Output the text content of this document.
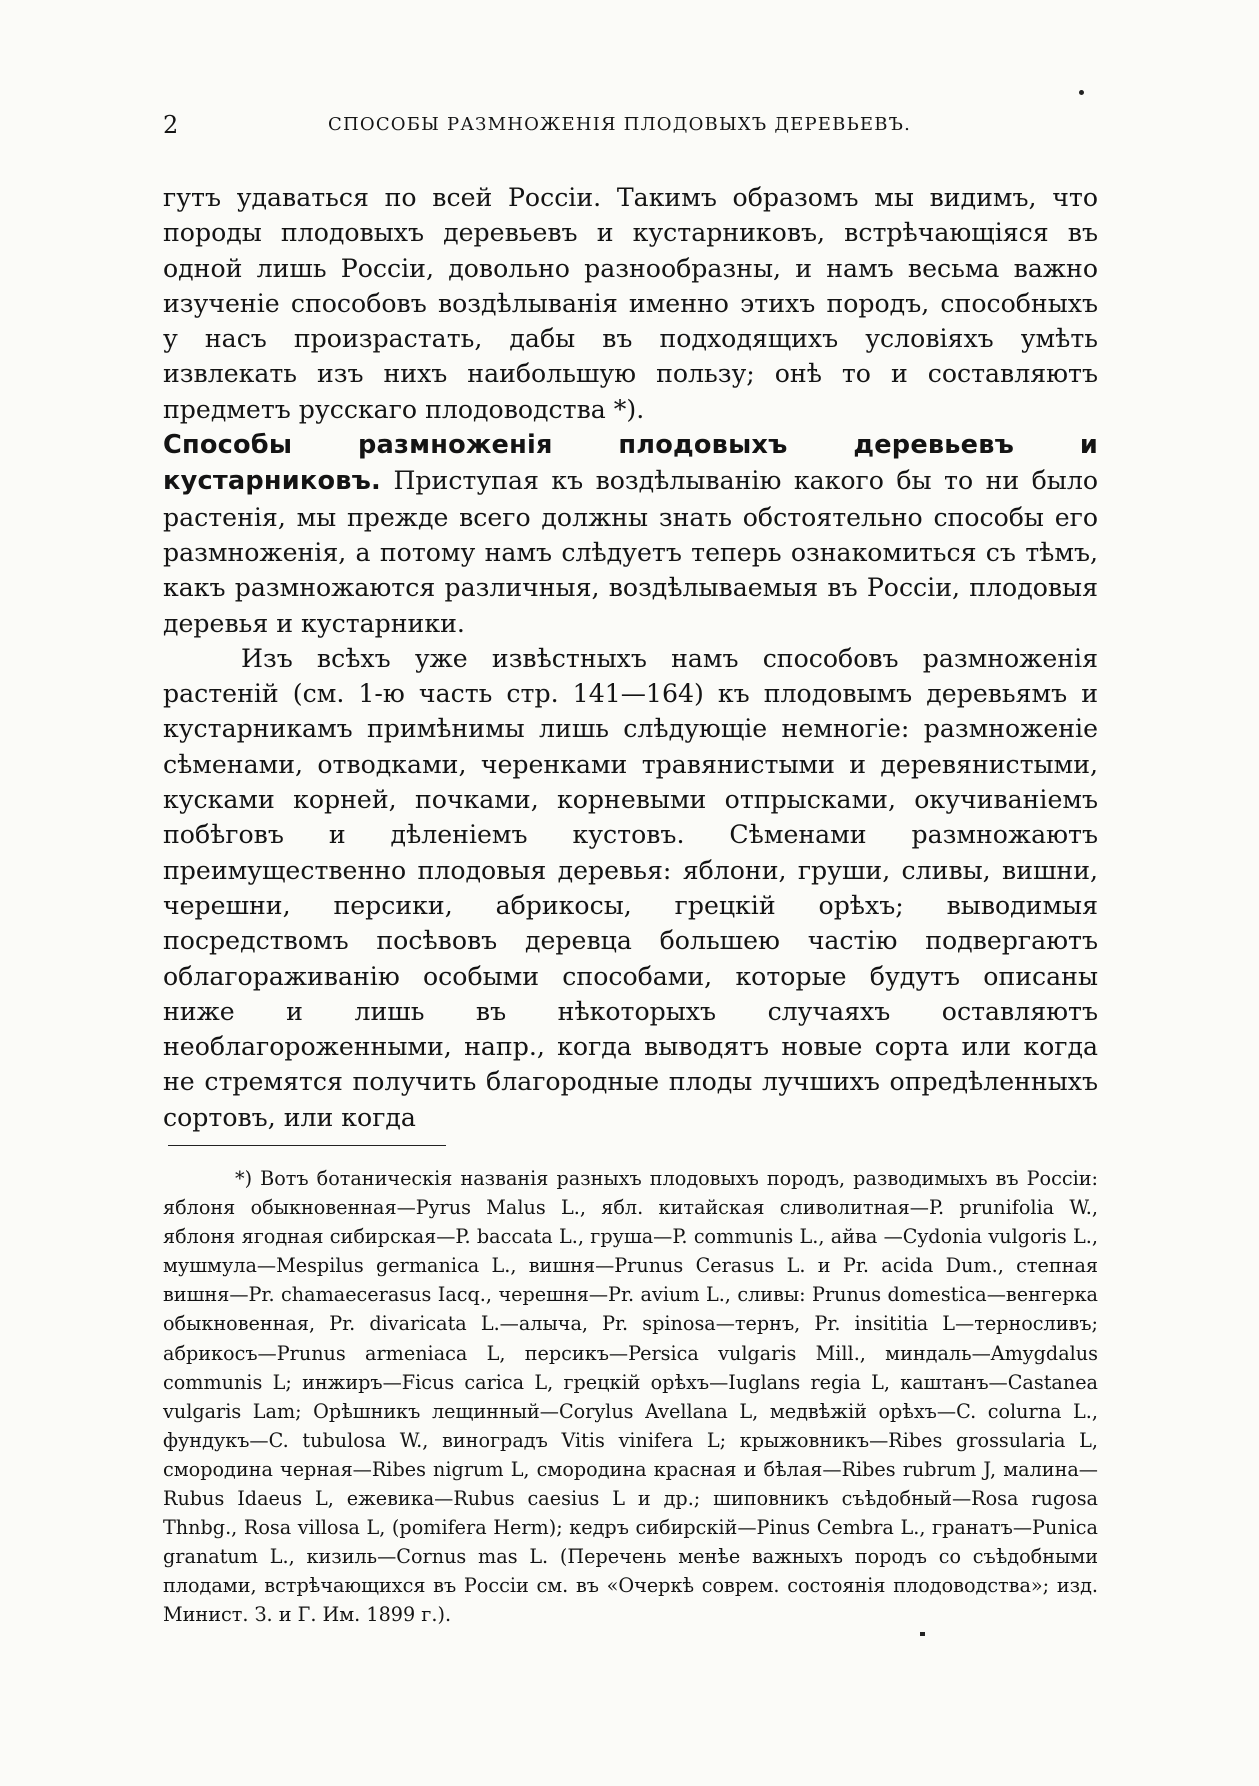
2	СПОСОБЫ РАЗМНОЖЕНІЯ ПЛОДОВЫХЪ ДЕРЕВЬЕВЪ.

гутъ удаваться по всей Россіи. Такимъ образомъ мы видимъ, что породы плодовыхъ деревьевъ и кустарниковъ, встрѣчающіяся въ одной лишь Россіи, довольно разнообразны, и намъ весьма важно изученіе способовъ воздѣлыванія именно этихъ породъ, способныхъ у насъ произрастать, дабы въ подходящихъ условіяхъ умѣть извлекать изъ нихъ наибольшую пользу; онѣ то и составляютъ предметъ русскаго плодоводства *).

Способы размноженія плодовыхъ деревьевъ и кустарниковъ. Приступая къ воздѣлыванію какого бы то ни было растенія, мы прежде всего должны знать обстоятельно способы его размноженія, а потому намъ слѣдуетъ теперь ознакомиться съ тѣмъ, какъ размножаются различныя, воздѣлываемыя въ Россіи, плодовыя деревья и кустарники.

Изъ всѣхъ уже извѣстныхъ намъ способовъ размноженія растеній (см. 1-ю часть стр. 141—164) къ плодовымъ деревьямъ и кустарникамъ примѣнимы лишь слѣдующіе немногіе: размноженіе сѣменами, отводками, черенками травянистыми и деревянистыми, кусками корней, почками, корневыми отпрысками, окучиваніемъ побѣговъ и дѣленіемъ кустовъ. Сѣменами размножаютъ преимущественно плодовыя деревья: яблони, груши, сливы, вишни, черешни, персики, абрикосы, грецкій орѣхъ; выводимыя посредствомъ посѣвовъ деревца большею частію подвергаютъ облагораживанію особыми способами, которые будутъ описаны ниже и лишь въ нѣкоторыхъ случаяхъ оставляютъ необлагороженными, напр., когда выводятъ новые сорта или когда не стремятся получить благородные плоды лучшихъ опредѣленныхъ сортовъ, или когда

*) Вотъ ботаническія названія разныхъ плодовыхъ породъ, разводимыхъ въ Россіи: яблоня обыкновенная—Pyrus Malus L., ябл. китайская сливолитная—P. prunifolia W., яблоня ягодная сибирская—P. baccata L., груша—P. communis L., айва —Cydonia vulgoris L., мушмула—Mespilus germanica L., вишня—Prunus Cerasus L. и Pr. acida Dum., степная вишня—Pr. chamaecerasus Iacq., черешня—Pr. avium L., сливы: Prunus domestica—венгерка обыкновенная, Pr. divaricata L.—алыча, Pr. spinosa—тернъ, Pr. insititia L—терносливъ; абрикосъ—Prunus armeniaca L, персикъ—Persica vulgaris Mill., миндаль—Amygdalus communis L; инжиръ—Ficus carica L, грецкій орѣхъ—Iuglans regia L, каштанъ—Castanea vulgaris Lam; Орѣшникъ лещинный—Corylus Avellana L, медвѣжій орѣхъ—C. colurna L., фундукъ—C. tubulosa W., виноградъ Vitis vinifera L; крыжовникъ—Ribes grossularia L, смородина черная—Ribes nigrum L, смородина красная и бѣлая—Ribes rubrum J, малина—Rubus Idaeus L, ежевика—Rubus caesius L и др.; шиповникъ съѣдобный—Rosa rugosa Thnbg., Rosa villosa L, (pomifera Herm); кедръ сибирскій—Pinus Cembra L., гранатъ—Punica granatum L., кизиль—Cornus mas L. (Перечень менѣе важныхъ породъ со съѣдобными плодами, встрѣчающихся въ Россіи см. въ «Очеркѣ соврем. состоянія плодоводства»; изд. Минист. З. и Г. Им. 1899 г.).
